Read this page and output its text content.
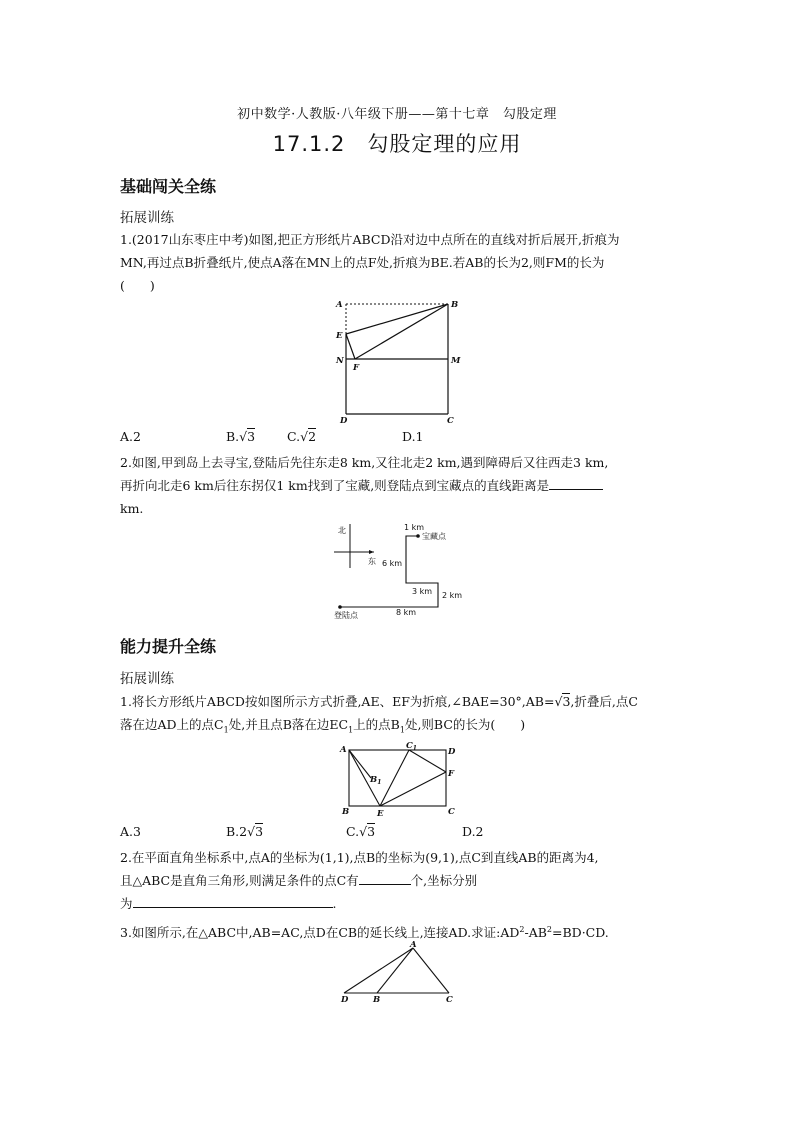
初中数学·人教版·八年级下册——第十七章　勾股定理
17.1.2　勾股定理的应用
基础闯关全练
拓展训练
1.(2017山东枣庄中考)如图,把正方形纸片ABCD沿对边中点所在的直线对折后展开,折痕为
MN,再过点B折叠纸片,使点A落在MN上的点F处,折痕为BE.若AB的长为2,则FM的长为
(　　)
A	B
E
N
F
M
D	C
A.2	B.√3	C.√2	D.1
2.如图,甲到岛上去寻宝,登陆后先往东走8 km,又往北走2 km,遇到障碍后又往西走3 km,
再折向北走6 km后往东拐仅1 km找到了宝藏,则登陆点到宝藏点的直线距离是
km.
北
东
宝藏点
登陆点
1 km
6 km
3 km 2 km
8 km
能力提升全练
拓展训练
1.将长方形纸片ABCD按如图所示方式折叠,AE、EF为折痕,∠BAE=30°,AB=√3,折叠后,点C
落在边AD上的点$C_1$处,并且点B落在边$EC_1$上的点$B_1$处,则BC的长为(　　)
A	$C_1$	D
$B_1$
F
B	E	C
A.3	B.2√3	C.√3	D.2
2.在平面直角坐标系中,点A的坐标为(1,1),点B的坐标为(9,1),点C到直线AB的距离为4,
且△ABC是直角三角形,则满足条件的点C有	个,坐标分别
为	.
3.如图所示,在△ABC中,AB=AC,点D在CB的延长线上,连接AD.求证$:AD^2-AB^2=BD\cdot CD$.
A
D	B	C
